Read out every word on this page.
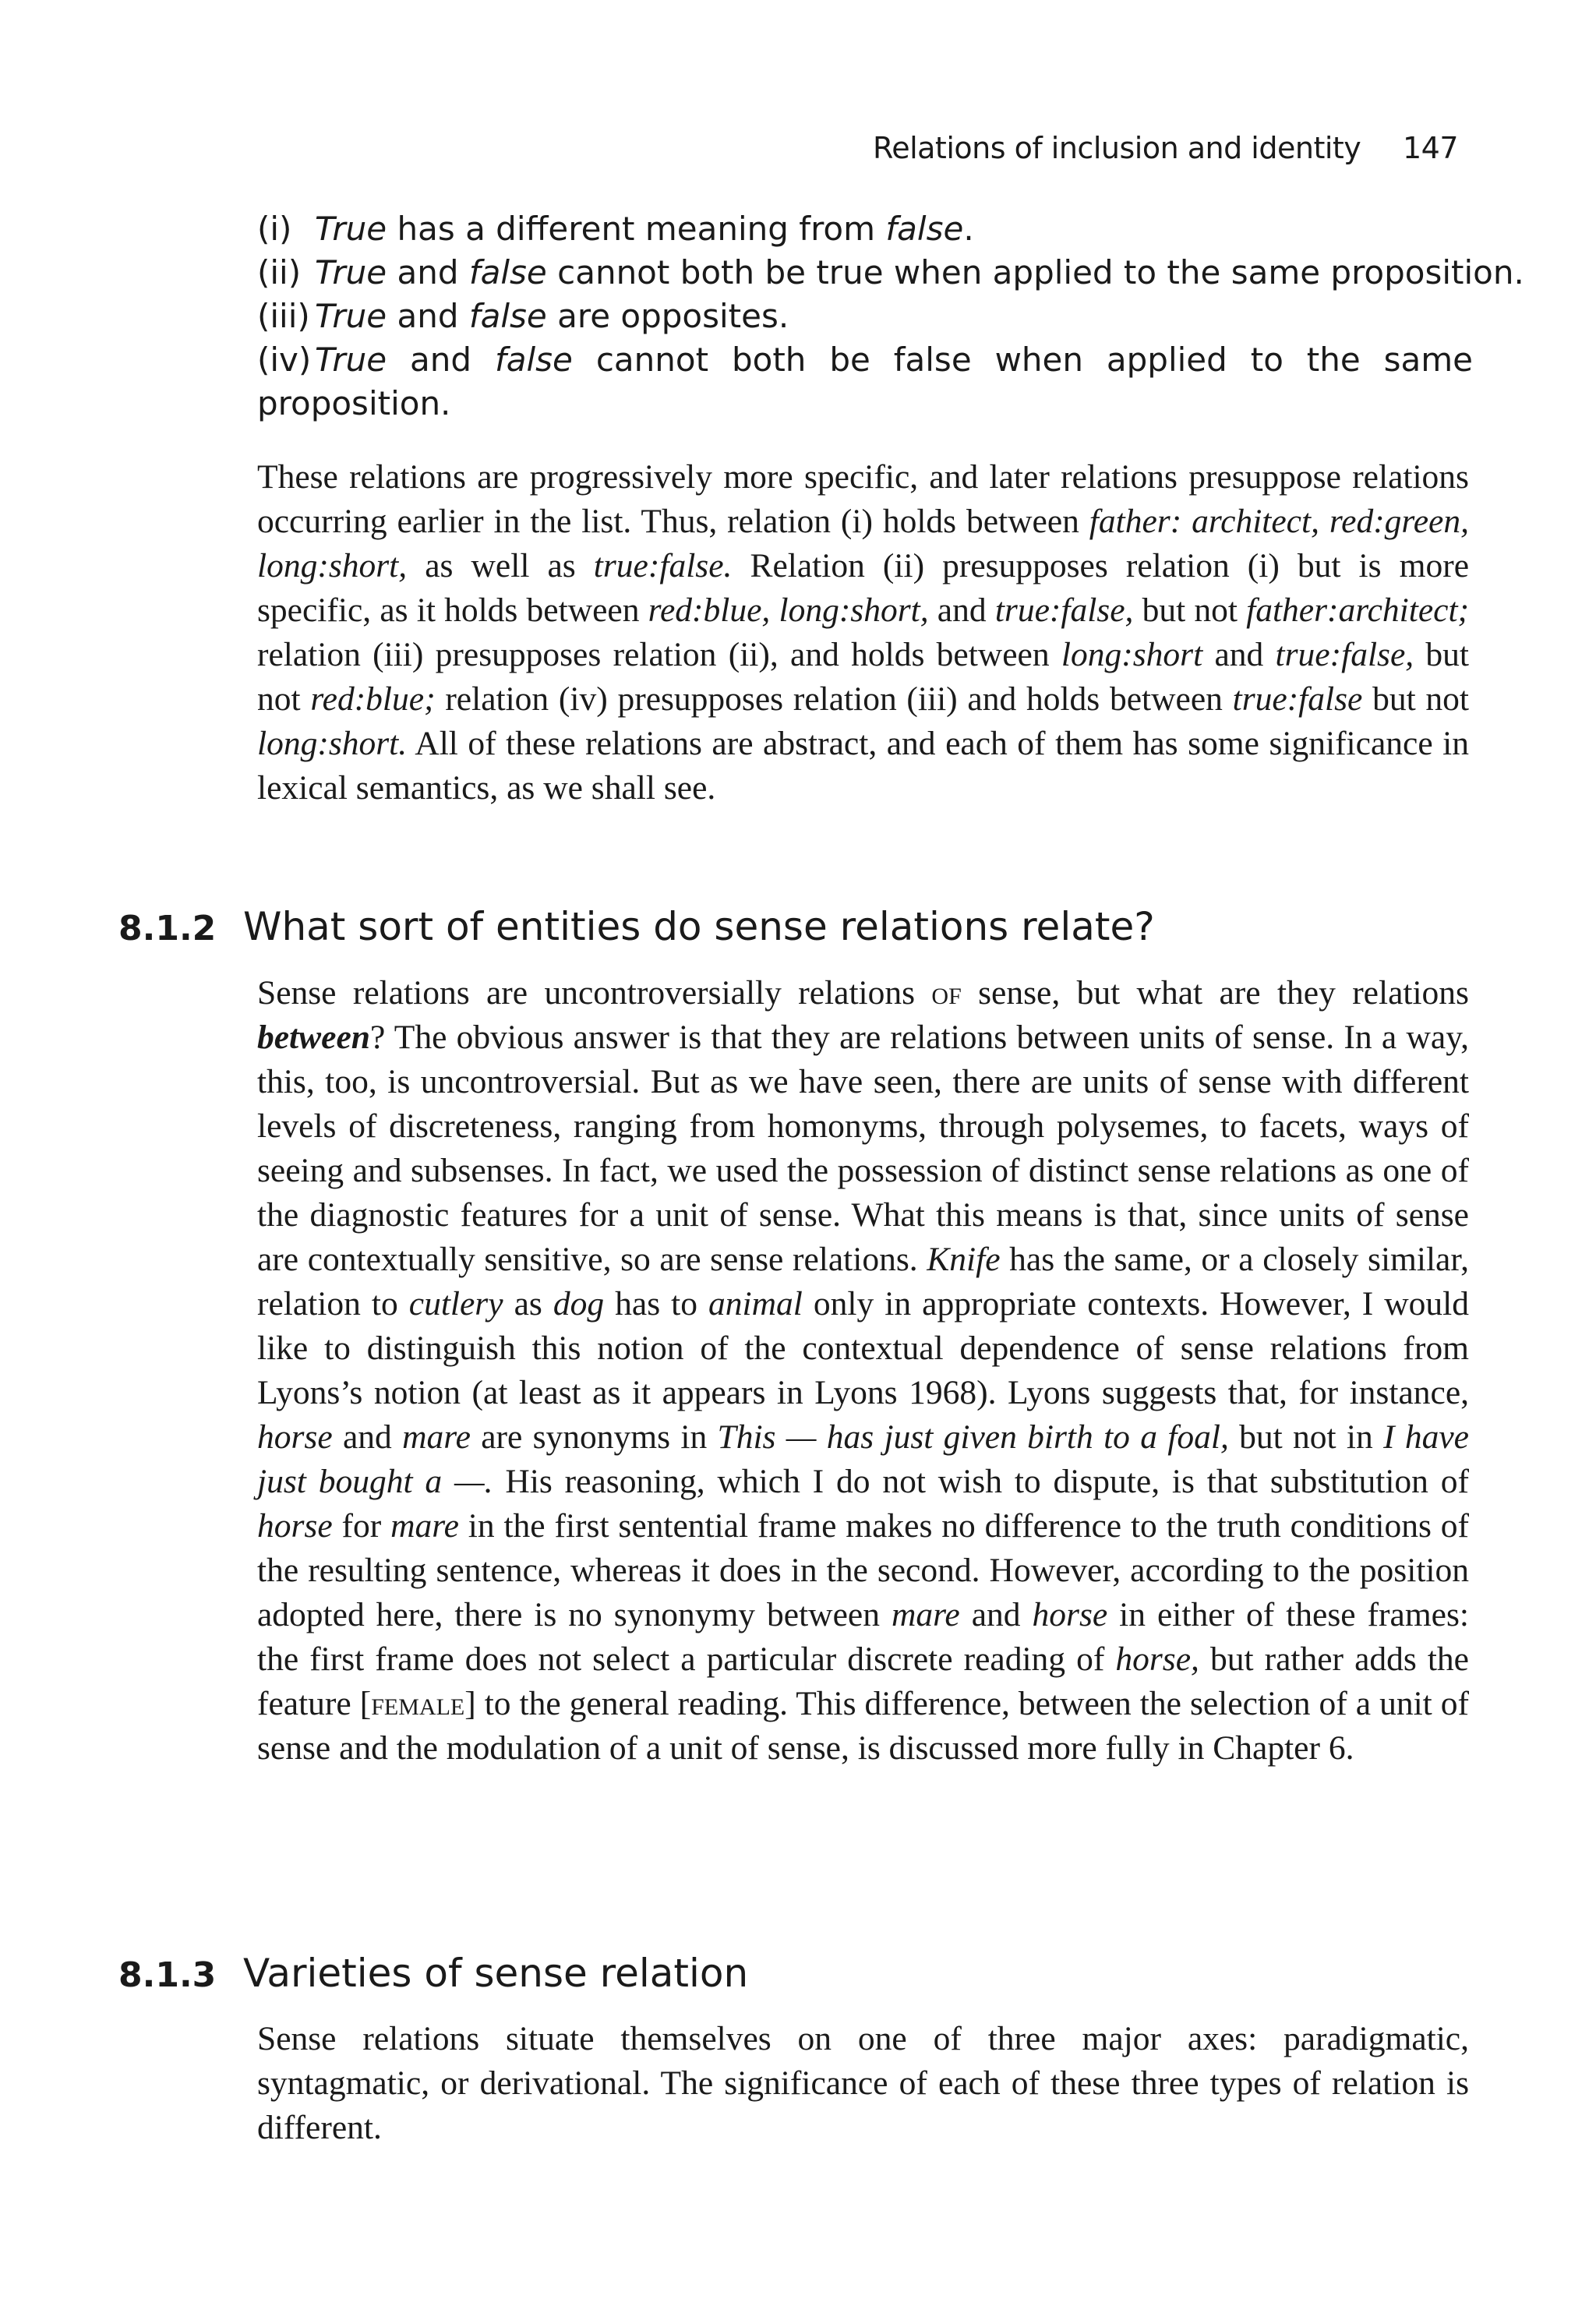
Relations of inclusion and identity 147
(i) True has a different meaning from false.
(ii) True and false cannot both be true when applied to the same proposition.
(iii) True and false are opposites.
(iv) True and false cannot both be false when applied to the same proposition.

These relations are progressively more specific, and later relations presuppose relations occurring earlier in the list. Thus, relation (i) holds between father: architect, red:green, long:short, as well as true:false. Relation (ii) presupposes relation (i) but is more specific, as it holds between red:blue, long:short, and true:false, but not father:architect; relation (iii) presupposes relation (ii), and holds between long:short and true:false, but not red:blue; relation (iv) presupposes relation (iii) and holds between true:false but not long:short. All of these relations are abstract, and each of them has some significance in lexical semantics, as we shall see.

8.1.2 What sort of entities do sense relations relate?

Sense relations are uncontroversially relations of sense, but what are they relations between? The obvious answer is that they are relations between units of sense. In a way, this, too, is uncontroversial. But as we have seen, there are units of sense with different levels of discreteness, ranging from homonyms, through polysemes, to facets, ways of seeing and subsenses. In fact, we used the possession of distinct sense relations as one of the diagnostic features for a unit of sense. What this means is that, since units of sense are contextually sensitive, so are sense relations. Knife has the same, or a closely similar, relation to cutlery as dog has to animal only in appropriate contexts. However, I would like to distinguish this notion of the contextual dependence of sense relations from Lyons’s notion (at least as it appears in Lyons 1968). Lyons suggests that, for instance, horse and mare are synonyms in This — has just given birth to a foal, but not in I have just bought a —. His reasoning, which I do not wish to dispute, is that substitution of horse for mare in the first sentential frame makes no difference to the truth conditions of the resulting sentence, whereas it does in the second. However, according to the position adopted here, there is no synonymy between mare and horse in either of these frames: the first frame does not select a particular discrete reading of horse, but rather adds the feature [female] to the general reading. This difference, between the selection of a unit of sense and the modulation of a unit of sense, is discussed more fully in Chapter 6.

8.1.3 Varieties of sense relation

Sense relations situate themselves on one of three major axes: paradigmatic, syntagmatic, or derivational. The significance of each of these three types of relation is different.
